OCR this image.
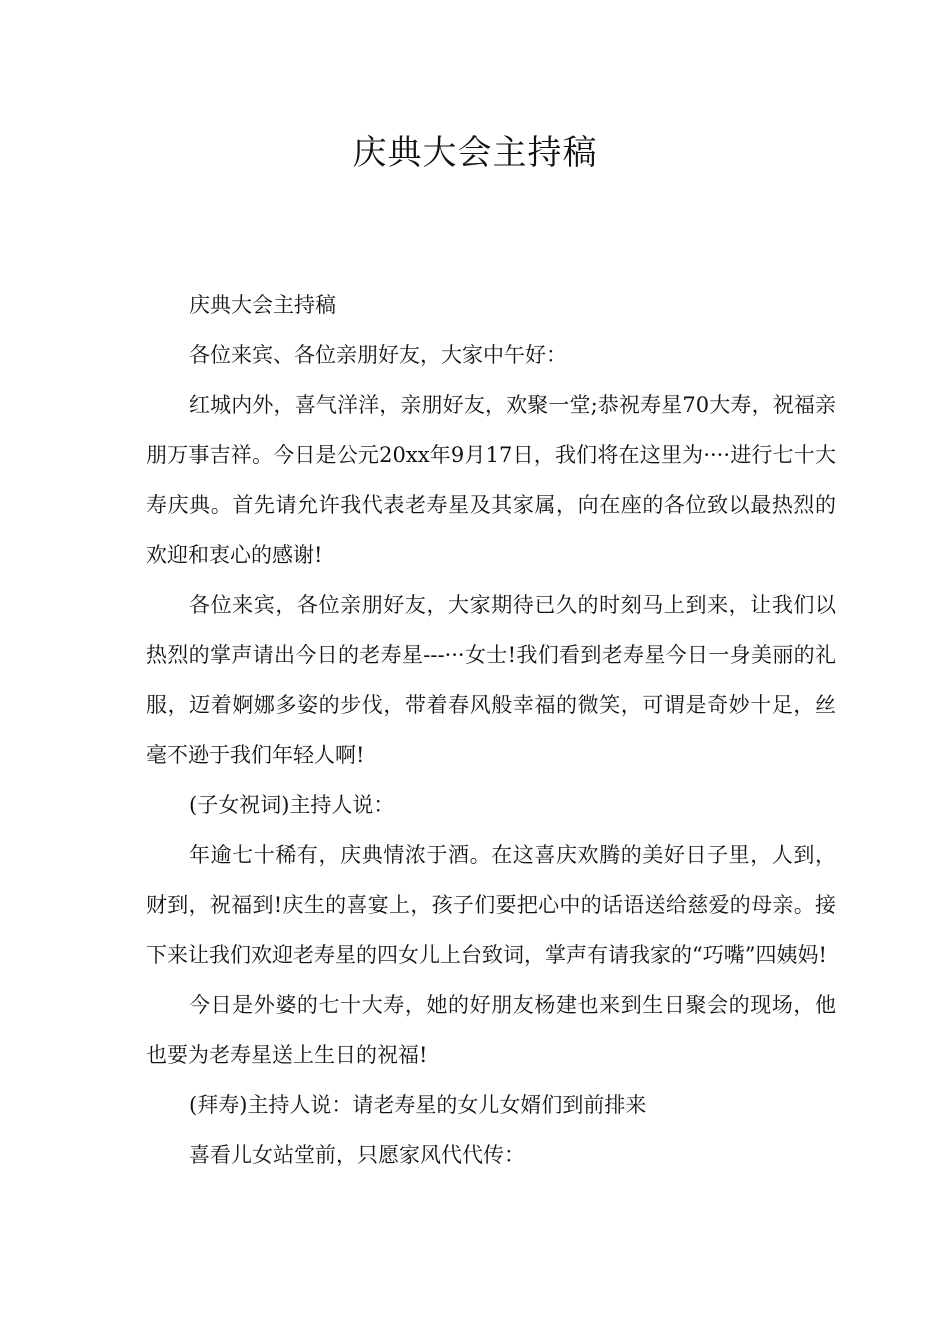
庆典大会主持稿

庆典大会主持稿

各位来宾、各位亲朋好友，大家中午好：

红城内外，喜气洋洋，亲朋好友，欢聚一堂;恭祝寿星70大寿，祝福亲朋万事吉祥。今日是公元20xx年9月17日，我们将在这里为····进行七十大寿庆典。首先请允许我代表老寿星及其家属，向在座的各位致以最热烈的欢迎和衷心的感谢!

各位来宾，各位亲朋好友，大家期待已久的时刻马上到来，让我们以热烈的掌声请出今日的老寿星---···女士!我们看到老寿星今日一身美丽的礼服，迈着婀娜多姿的步伐，带着春风般幸福的微笑，可谓是奇妙十足，丝毫不逊于我们年轻人啊!

(子女祝词)主持人说：

年逾七十稀有，庆典情浓于酒。在这喜庆欢腾的美好日子里，人到，财到，祝福到!庆生的喜宴上，孩子们要把心中的话语送给慈爱的母亲。接下来让我们欢迎老寿星的四女儿上台致词，掌声有请我家的“巧嘴”四姨妈!

今日是外婆的七十大寿，她的好朋友杨建也来到生日聚会的现场，他也要为老寿星送上生日的祝福!

(拜寿)主持人说：请老寿星的女儿女婿们到前排来

喜看儿女站堂前，只愿家风代代传：
